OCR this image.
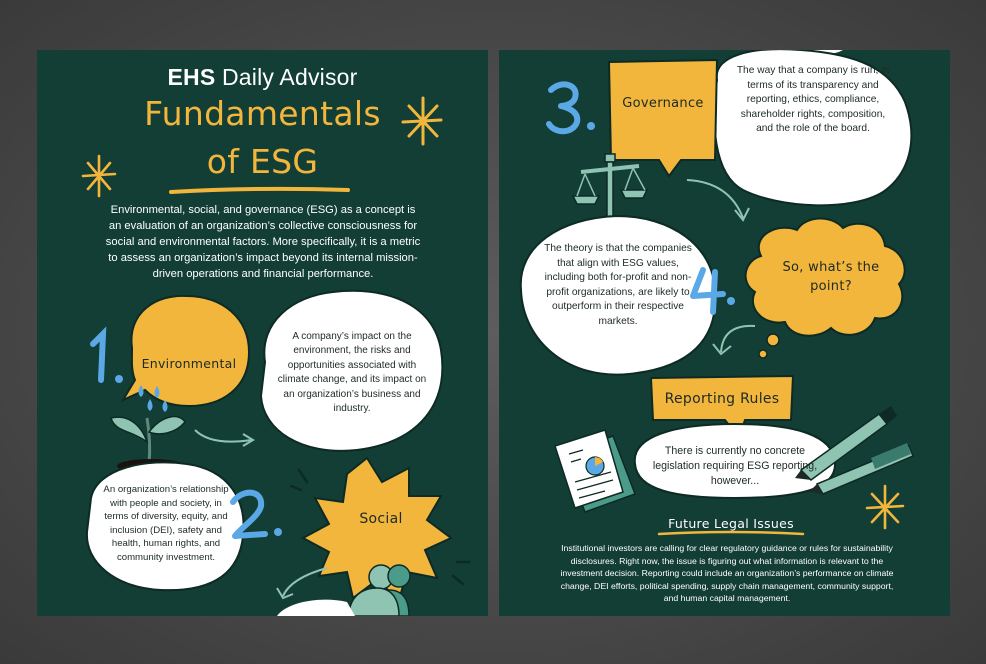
EHS Daily Advisor
Fundamentals
of ESG
Environmental, social, and governance (ESG) as a concept is an evaluation of an organization’s collective consciousness for social and environmental factors. More specifically, it is a metric to assess an organization’s impact beyond its internal mission-driven operations and financial performance.
Environmental
A company’s impact on the environment, the risks and opportunities associated with climate change, and its impact on an organization’s business and industry.
An organization’s relationship with people and society, in terms of diversity, equity, and inclusion (DEI), safety and health, human rights, and community investment.
Social
Governance
The way that a company is run, in terms of its transparency and reporting, ethics, compliance, shareholder rights, composition, and the role of the board.
The theory is that the companies that align with ESG values, including both for-profit and non-profit organizations, are likely to outperform in their respective markets.
So, what’s the point?
Reporting Rules
There is currently no concrete legislation requiring ESG reporting, however...
Future Legal Issues
Institutional investors are calling for clear regulatory guidance or rules for sustainability disclosures. Right now, the issue is figuring out what information is relevant to the investment decision. Reporting could include an organization’s performance on climate change, DEI efforts, political spending, supply chain management, community support, and human capital management.
